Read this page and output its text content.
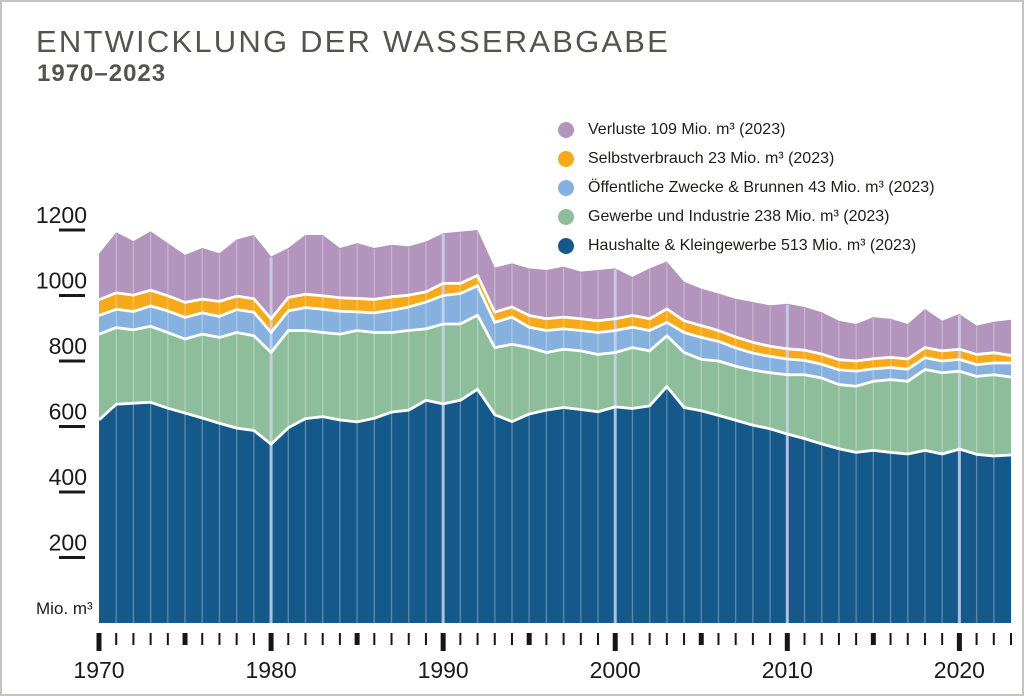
ENTWICKLUNG DER WASSERABGABE
1970–2023
Verluste 109 Mio. m³ (2023)
Selbstverbrauch 23 Mio. m³ (2023)
Öffentliche Zwecke & Brunnen 43 Mio. m³ (2023)
Gewerbe und Industrie 238 Mio. m³ (2023)
Haushalte & Kleingewerbe 513 Mio. m³ (2023)
Mio. m³
1970	1980	1990	2000	2010	2020
200
400
600
800
1000
1200
